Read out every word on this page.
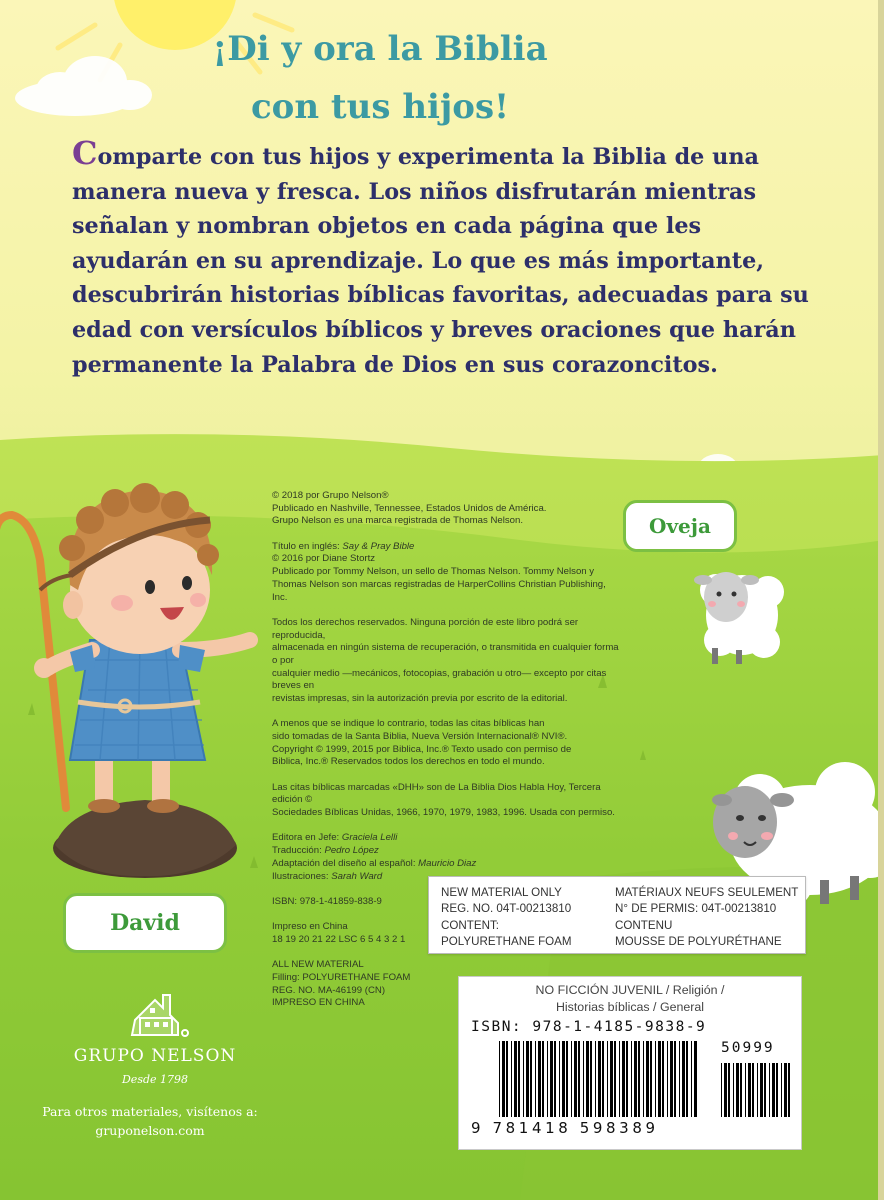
¡Di y ora la Biblia
con tus hijos!

Comparte con tus hijos y experimenta la Biblia de una manera nueva y fresca. Los niños disfrutarán mientras señalan y nombran objetos en cada página que les ayudarán en su aprendizaje. Lo que es más importante, descubrirán historias bíblicas favoritas, adecuadas para su edad con versículos bíblicos y breves oraciones que harán permanente la Palabra de Dios en sus corazoncitos.

© 2018 por Grupo Nelson®
Publicado en Nashville, Tennessee, Estados Unidos de América.
Grupo Nelson es una marca registrada de Thomas Nelson.

Título en inglés: Say & Pray Bible
© 2016 por Diane Stortz
Publicado por Tommy Nelson, un sello de Thomas Nelson. Tommy Nelson y
Thomas Nelson son marcas registradas de HarperCollins Christian Publishing, Inc.

Todos los derechos reservados. Ninguna porción de este libro podrá ser reproducida,
almacenada en ningún sistema de recuperación, o transmitida en cualquier forma o por
cualquier medio —mecánicos, fotocopias, grabación u otro— excepto por citas breves en
revistas impresas, sin la autorización previa por escrito de la editorial.

A menos que se indique lo contrario, todas las citas bíblicas han
sido tomadas de la Santa Biblia, Nueva Versión Internacional® NVI®.
Copyright © 1999, 2015 por Biblica, Inc.® Texto usado con permiso de
Biblica, Inc.® Reservados todos los derechos en todo el mundo.

Las citas bíblicas marcadas «DHH» son de La Biblia Dios Habla Hoy, Tercera edición ©
Sociedades Bíblicas Unidas, 1966, 1970, 1979, 1983, 1996. Usada con permiso.

Editora en Jefe: Graciela Lelli
Traducción: Pedro López
Adaptación del diseño al español: Mauricio Diaz
Ilustraciones: Sarah Ward

ISBN: 978-1-41859-838-9

Impreso en China
18 19 20 21 22 LSC 6 5 4 3 2 1

ALL NEW MATERIAL
Filling: POLYURETHANE FOAM
REG. NO. MA-46199 (CN)
IMPRESO EN CHINA

Oveja
David
NEW MATERIAL ONLY
REG. NO. 04T-00213810
CONTENT:
POLYURETHANE FOAM
MATÉRIAUX NEUFS SEULEMENT
N° DE PERMIS: 04T-00213810
CONTENU
MOUSSE DE POLYURÉTHANE
NO FICCIÓN JUVENIL / Religión /
Historias bíblicas / General
ISBN: 978-1-4185-9838-9
50999
9 781418 598389
GRUPO NELSON
Desde 1798
Para otros materiales, visítenos a:
gruponelson.com
